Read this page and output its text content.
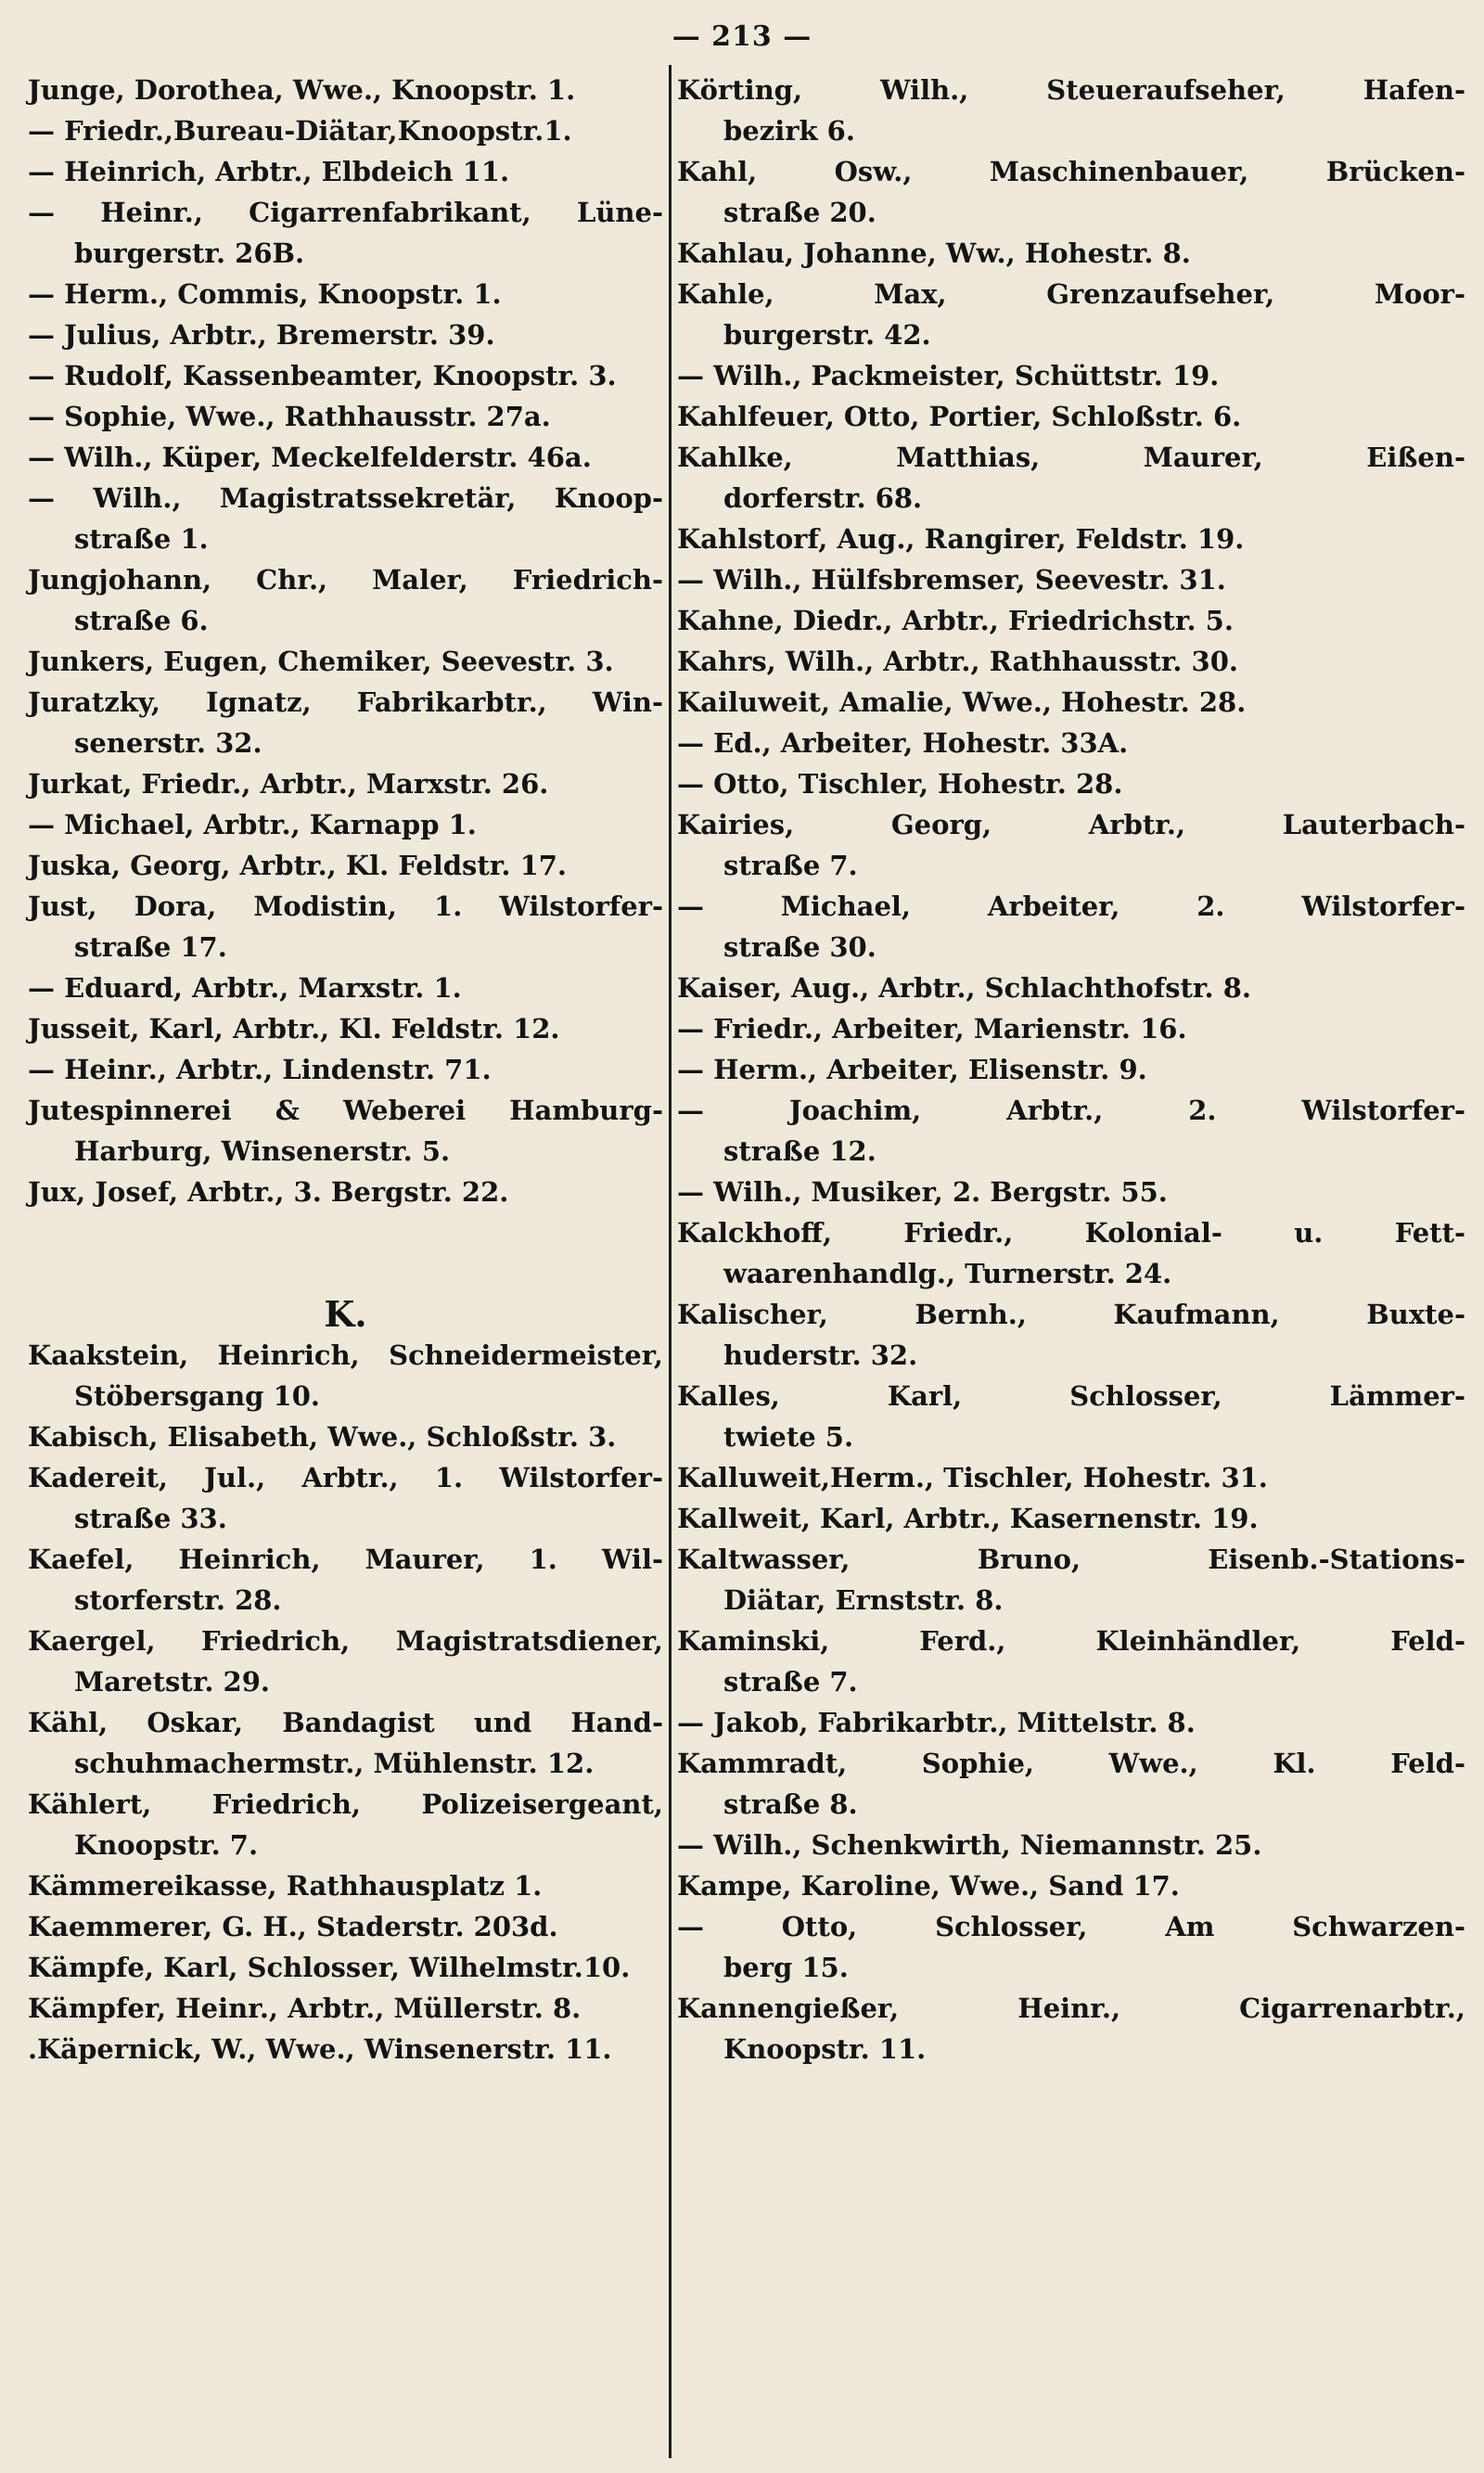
— 213 —
Junge, Dorothea, Wwe., Knoopstr. 1.
— Friedr.,Bureau-Diätar,Knoopstr.1.
— Heinrich, Arbtr., Elbdeich 11.
— Heinr., Cigarrenfabrikant, Lüne-
burgerstr. 26B.
— Herm., Commis, Knoopstr. 1.
— Julius, Arbtr., Bremerstr. 39.
— Rudolf, Kassenbeamter, Knoopstr. 3.
— Sophie, Wwe., Rathhausstr. 27a.
— Wilh., Küper, Meckelfelderstr. 46a.
— Wilh., Magistratssekretär, Knoop-
straße 1.
Jungjohann, Chr., Maler, Friedrich-
straße 6.
Junkers, Eugen, Chemiker, Seevestr. 3.
Juratzky, Ignatz, Fabrikarbtr., Win-
senerstr. 32.
Jurkat, Friedr., Arbtr., Marxstr. 26.
— Michael, Arbtr., Karnapp 1.
Juska, Georg, Arbtr., Kl. Feldstr. 17.
Just, Dora, Modistin, 1. Wilstorfer-
straße 17.
— Eduard, Arbtr., Marxstr. 1.
Jusseit, Karl, Arbtr., Kl. Feldstr. 12.
— Heinr., Arbtr., Lindenstr. 71.
Jutespinnerei & Weberei Hamburg-
Harburg, Winsenerstr. 5.
Jux, Josef, Arbtr., 3. Bergstr. 22.
K.
Kaakstein, Heinrich, Schneidermeister,
Stöbersgang 10.
Kabisch, Elisabeth, Wwe., Schloßstr. 3.
Kadereit, Jul., Arbtr., 1. Wilstorfer-
straße 33.
Kaefel, Heinrich, Maurer, 1. Wil-
storferstr. 28.
Kaergel, Friedrich, Magistratsdiener,
Maretstr. 29.
Kähl, Oskar, Bandagist und Hand-
schuhmachermstr., Mühlenstr. 12.
Kählert, Friedrich, Polizeisergeant,
Knoopstr. 7.
Kämmereikasse, Rathhausplatz 1.
Kaemmerer, G. H., Staderstr. 203d.
Kämpfe, Karl, Schlosser, Wilhelmstr.10.
Kämpfer, Heinr., Arbtr., Müllerstr. 8.
.Käpernick, W., Wwe., Winsenerstr. 11.
Körting, Wilh., Steueraufseher, Hafen-
bezirk 6.
Kahl, Osw., Maschinenbauer, Brücken-
straße 20.
Kahlau, Johanne, Ww., Hohestr. 8.
Kahle, Max, Grenzaufseher, Moor-
burgerstr. 42.
— Wilh., Packmeister, Schüttstr. 19.
Kahlfeuer, Otto, Portier, Schloßstr. 6.
Kahlke, Matthias, Maurer, Eißen-
dorferstr. 68.
Kahlstorf, Aug., Rangirer, Feldstr. 19.
— Wilh., Hülfsbremser, Seevestr. 31.
Kahne, Diedr., Arbtr., Friedrichstr. 5.
Kahrs, Wilh., Arbtr., Rathhausstr. 30.
Kailuweit, Amalie, Wwe., Hohestr. 28.
— Ed., Arbeiter, Hohestr. 33A.
— Otto, Tischler, Hohestr. 28.
Kairies, Georg, Arbtr., Lauterbach-
straße 7.
— Michael, Arbeiter, 2. Wilstorfer-
straße 30.
Kaiser, Aug., Arbtr., Schlachthofstr. 8.
— Friedr., Arbeiter, Marienstr. 16.
— Herm., Arbeiter, Elisenstr. 9.
— Joachim, Arbtr., 2. Wilstorfer-
straße 12.
— Wilh., Musiker, 2. Bergstr. 55.
Kalckhoff, Friedr., Kolonial- u. Fett-
waarenhandlg., Turnerstr. 24.
Kalischer, Bernh., Kaufmann, Buxte-
huderstr. 32.
Kalles, Karl, Schlosser, Lämmer-
twiete 5.
Kalluweit,Herm., Tischler, Hohestr. 31.
Kallweit, Karl, Arbtr., Kasernenstr. 19.
Kaltwasser, Bruno, Eisenb.-Stations-
Diätar, Ernststr. 8.
Kaminski, Ferd., Kleinhändler, Feld-
straße 7.
— Jakob, Fabrikarbtr., Mittelstr. 8.
Kammradt, Sophie, Wwe., Kl. Feld-
straße 8.
— Wilh., Schenkwirth, Niemannstr. 25.
Kampe, Karoline, Wwe., Sand 17.
— Otto, Schlosser, Am Schwarzen-
berg 15.
Kannengießer, Heinr., Cigarrenarbtr.,
Knoopstr. 11.
